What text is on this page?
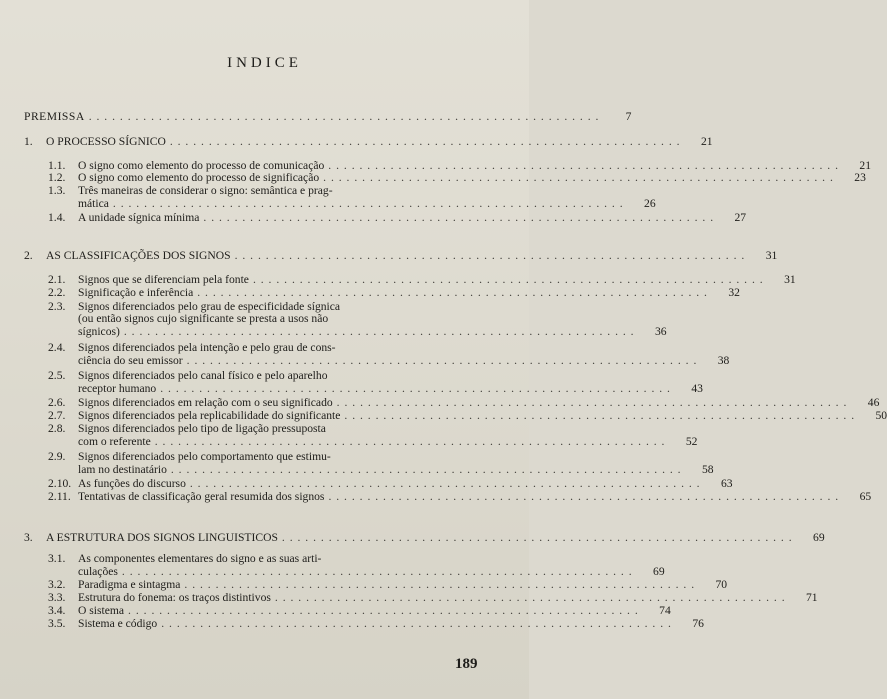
INDICE
PREMISSA . . . . . . . . . . . . . . . . . . . . . . . . . . . . . . . . . . . . . . . . . . . . . . . . . . . . . . . . . . . . . . . . . .	7
1.	O PROCESSO SÍGNICO . . . . . . . . . . . . . . . . . . . . . . . . . . . . . . . . . . . . . . . . . . . . . . . . . . . . . . . . . . . . . . . . . .	21
1.1.	O signo como elemento do processo de comunicação . . . . . . . . . . . . . . . . . . . . . . . . . . . . . . . . . . . . . . . . . . . . . . . . . . . . . . . . . . . . . . . . . .	21
1.2.	O signo como elemento do processo de significação . . . . . . . . . . . . . . . . . . . . . . . . . . . . . . . . . . . . . . . . . . . . . . . . . . . . . . . . . . . . . . . . . .	23
1.3.	Três maneiras de considerar o signo: semântica e prag-
mática . . . . . . . . . . . . . . . . . . . . . . . . . . . . . . . . . . . . . . . . . . . . . . . . . . . . . . . . . . . . . . . . . .	26
1.4.	A unidade sígnica mínima . . . . . . . . . . . . . . . . . . . . . . . . . . . . . . . . . . . . . . . . . . . . . . . . . . . . . . . . . . . . . . . . . .	27
2.	AS CLASSIFICAÇÕES DOS SIGNOS . . . . . . . . . . . . . . . . . . . . . . . . . . . . . . . . . . . . . . . . . . . . . . . . . . . . . . . . . . . . . . . . . .	31
2.1.	Signos que se diferenciam pela fonte . . . . . . . . . . . . . . . . . . . . . . . . . . . . . . . . . . . . . . . . . . . . . . . . . . . . . . . . . . . . . . . . . .	31
2.2.	Significação e inferência . . . . . . . . . . . . . . . . . . . . . . . . . . . . . . . . . . . . . . . . . . . . . . . . . . . . . . . . . . . . . . . . . .	32
2.3.	Signos diferenciados pelo grau de especificidade sígnica
(ou então signos cujo significante se presta a usos não
sígnicos) . . . . . . . . . . . . . . . . . . . . . . . . . . . . . . . . . . . . . . . . . . . . . . . . . . . . . . . . . . . . . . . . . .	36
2.4.	Signos diferenciados pela intenção e pelo grau de cons-
ciência do seu emissor . . . . . . . . . . . . . . . . . . . . . . . . . . . . . . . . . . . . . . . . . . . . . . . . . . . . . . . . . . . . . . . . . .	38
2.5.	Signos diferenciados pelo canal físico e pelo aparelho
receptor humano . . . . . . . . . . . . . . . . . . . . . . . . . . . . . . . . . . . . . . . . . . . . . . . . . . . . . . . . . . . . . . . . . .	43
2.6.	Signos diferenciados em relação com o seu significado . . . . . . . . . . . . . . . . . . . . . . . . . . . . . . . . . . . . . . . . . . . . . . . . . . . . . . . . . . . . . . . . . .	46
2.7.	Signos diferenciados pela replicabilidade do significante . . . . . . . . . . . . . . . . . . . . . . . . . . . . . . . . . . . . . . . . . . . . . . . . . . . . . . . . . . . . . . . . . .	50
2.8.	Signos diferenciados pelo tipo de ligação pressuposta
com o referente . . . . . . . . . . . . . . . . . . . . . . . . . . . . . . . . . . . . . . . . . . . . . . . . . . . . . . . . . . . . . . . . . .	52
2.9.	Signos diferenciados pelo comportamento que estimu-
lam no destinatário . . . . . . . . . . . . . . . . . . . . . . . . . . . . . . . . . . . . . . . . . . . . . . . . . . . . . . . . . . . . . . . . . .	58
2.10. As funções do discurso . . . . . . . . . . . . . . . . . . . . . . . . . . . . . . . . . . . . . . . . . . . . . . . . . . . . . . . . . . . . . . . . . .	63
2.11. Tentativas de classificação geral resumida dos signos . . . . . . . . . . . . . . . . . . . . . . . . . . . . . . . . . . . . . . . . . . . . . . . . . . . . . . . . . . . . . . . . . .	65
3.	A ESTRUTURA DOS SIGNOS LINGUISTICOS . . . . . . . . . . . . . . . . . . . . . . . . . . . . . . . . . . . . . . . . . . . . . . . . . . . . . . . . . . . . . . . . . .	69
3.1.	As componentes elementares do signo e as suas arti-
culações . . . . . . . . . . . . . . . . . . . . . . . . . . . . . . . . . . . . . . . . . . . . . . . . . . . . . . . . . . . . . . . . . .	69
3.2.	Paradigma e sintagma . . . . . . . . . . . . . . . . . . . . . . . . . . . . . . . . . . . . . . . . . . . . . . . . . . . . . . . . . . . . . . . . . .	70
3.3.	Estrutura do fonema: os traços distintivos . . . . . . . . . . . . . . . . . . . . . . . . . . . . . . . . . . . . . . . . . . . . . . . . . . . . . . . . . . . . . . . . . .	71
3.4.	O sistema . . . . . . . . . . . . . . . . . . . . . . . . . . . . . . . . . . . . . . . . . . . . . . . . . . . . . . . . . . . . . . . . . .	74
3.5.	Sistema e código . . . . . . . . . . . . . . . . . . . . . . . . . . . . . . . . . . . . . . . . . . . . . . . . . . . . . . . . . . . . . . . . . .	76
189
